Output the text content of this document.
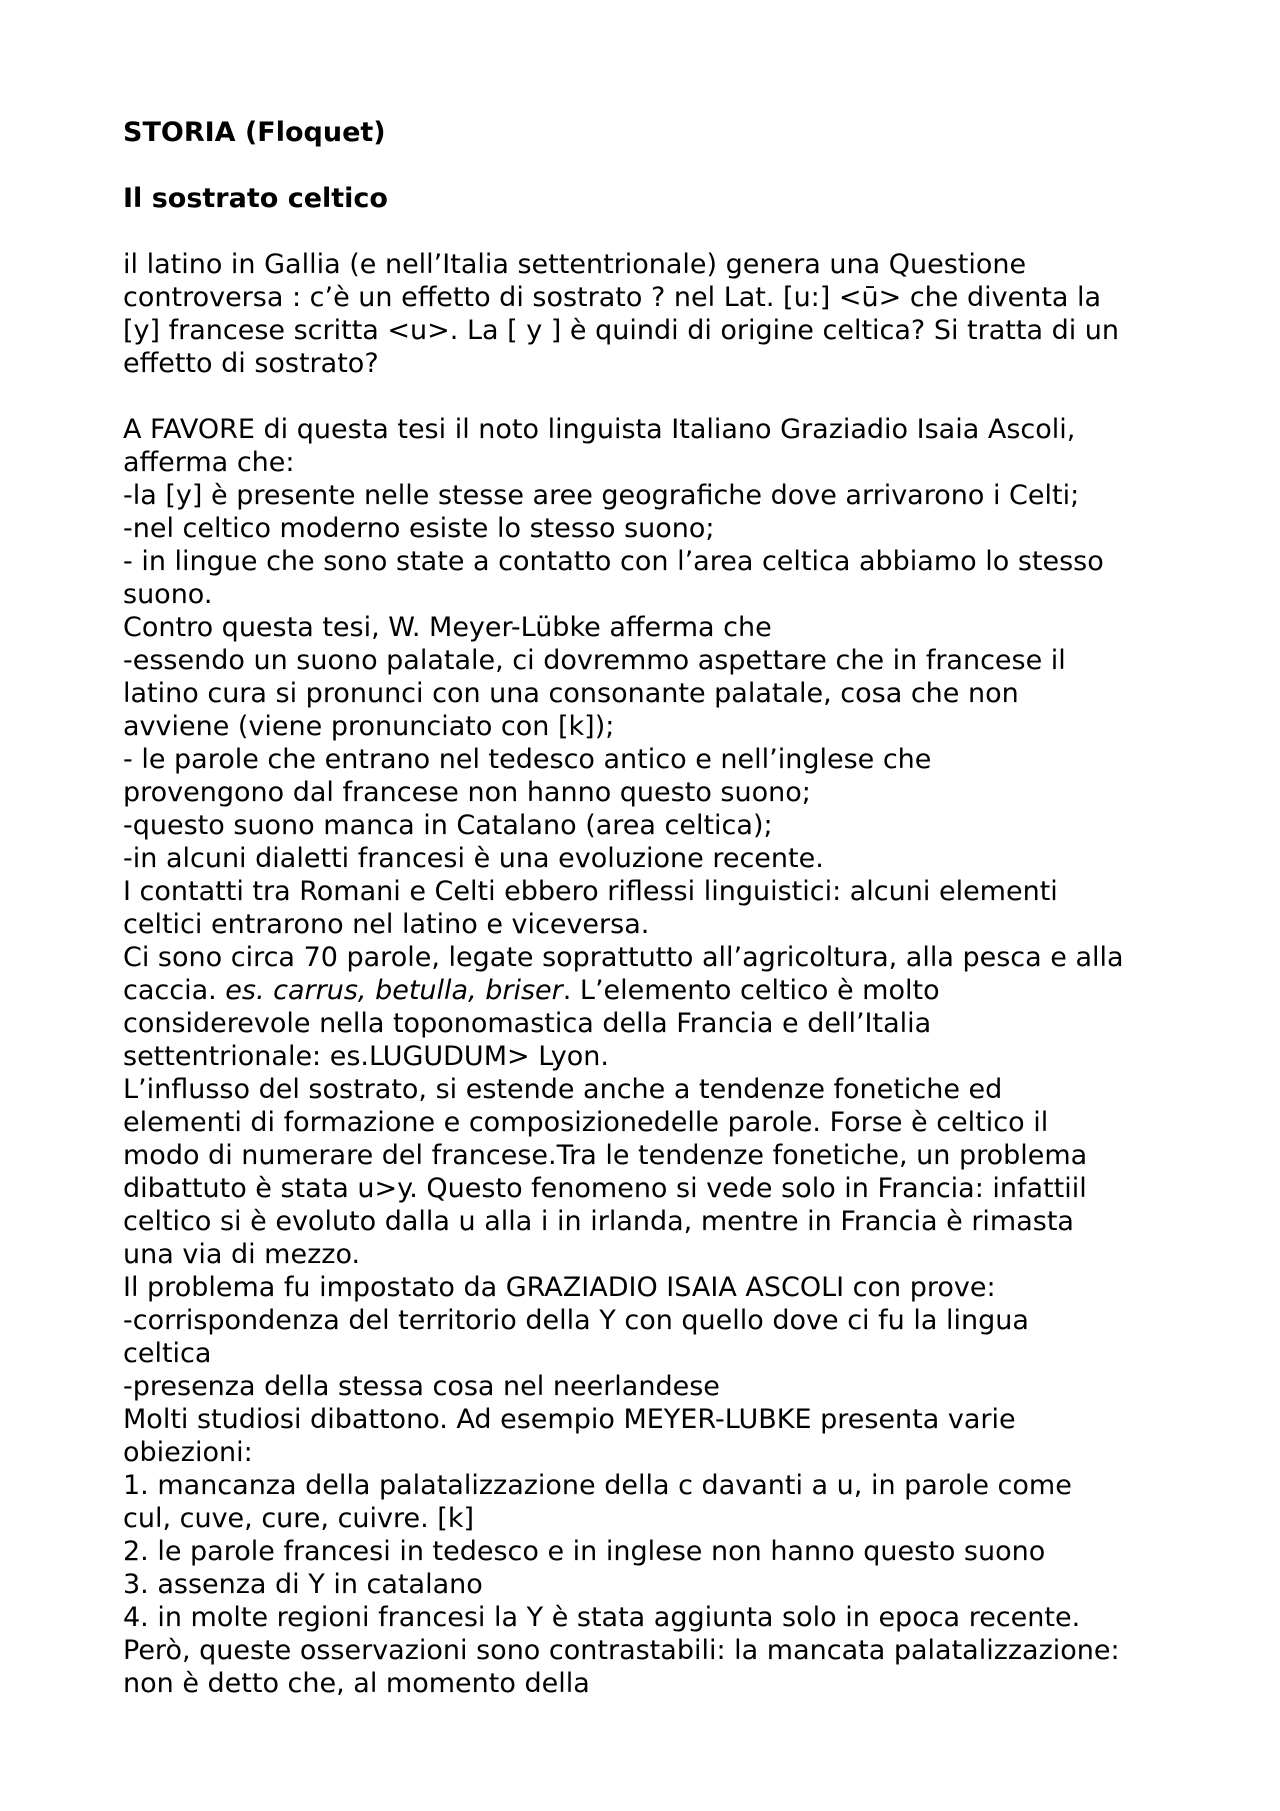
STORIA (Floquet)
Il sostrato celtico
il latino in Gallia (e nell’Italia settentrionale) genera una Questione
controversa : c’è un effetto di sostrato ? nel Lat. [u:] <ū> che diventa la
[y] francese scritta <u>. La [ y ] è quindi di origine celtica? Si tratta di un
effetto di sostrato?
A FAVORE di questa tesi il noto linguista Italiano Graziadio Isaia Ascoli,
afferma che:
-la [y] è presente nelle stesse aree geografiche dove arrivarono i Celti;
-nel celtico moderno esiste lo stesso suono;
- in lingue che sono state a contatto con l’area celtica abbiamo lo stesso
suono.
Contro questa tesi, W. Meyer-Lübke afferma che
-essendo un suono palatale, ci dovremmo aspettare che in francese il
latino cura si pronunci con una consonante palatale, cosa che non
avviene (viene pronunciato con [k]);
- le parole che entrano nel tedesco antico e nell’inglese che
provengono dal francese non hanno questo suono;
-questo suono manca in Catalano (area celtica);
-in alcuni dialetti francesi è una evoluzione recente.
I contatti tra Romani e Celti ebbero riflessi linguistici: alcuni elementi
celtici entrarono nel latino e viceversa.
Ci sono circa 70 parole, legate soprattutto all’agricoltura, alla pesca e alla
caccia. es. carrus, betulla, briser. L’elemento celtico è molto
considerevole nella toponomastica della Francia e dell’Italia
settentrionale: es.LUGUDUM> Lyon.
L’influsso del sostrato, si estende anche a tendenze fonetiche ed
elementi di formazione e composizionedelle parole. Forse è celtico il
modo di numerare del francese.Tra le tendenze fonetiche, un problema
dibattuto è stata u>y. Questo fenomeno si vede solo in Francia: infattiil
celtico si è evoluto dalla u alla i in irlanda, mentre in Francia è rimasta
una via di mezzo.
Il problema fu impostato da GRAZIADIO ISAIA ASCOLI con prove:
-corrispondenza del territorio della Y con quello dove ci fu la lingua
celtica
-presenza della stessa cosa nel neerlandese
Molti studiosi dibattono. Ad esempio MEYER-LUBKE presenta varie
obiezioni:
1. mancanza della palatalizzazione della c davanti a u, in parole come
cul, cuve, cure, cuivre. [k]
2. le parole francesi in tedesco e in inglese non hanno questo suono
3. assenza di Y in catalano
4. in molte regioni francesi la Y è stata aggiunta solo in epoca recente.
Però, queste osservazioni sono contrastabili: la mancata palatalizzazione:
non è detto che, al momento della
